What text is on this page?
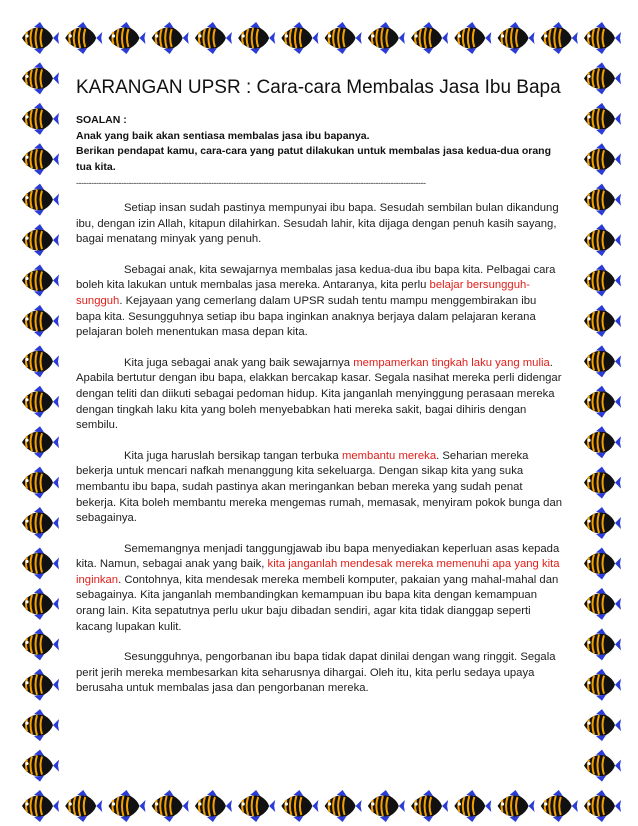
KARANGAN UPSR : Cara-cara Membalas Jasa Ibu Bapa
SOALAN :
Anak yang baik akan sentiasa membalas jasa ibu bapanya.
Berikan pendapat kamu, cara-cara yang patut dilakukan untuk membalas jasa kedua-dua orang tua kita.
--------------------------------------------------------------------------------------------------------------------------------------------

Setiap insan sudah pastinya mempunyai ibu bapa. Sesudah sembilan bulan dikandung ibu, dengan izin Allah, kitapun dilahirkan. Sesudah lahir, kita dijaga dengan penuh kasih sayang, bagai menatang minyak yang penuh.

Sebagai anak, kita sewajarnya membalas jasa kedua-dua ibu bapa kita. Pelbagai cara boleh kita lakukan untuk membalas jasa mereka. Antaranya, kita perlu belajar bersungguh-sungguh. Kejayaan yang cemerlang dalam UPSR sudah tentu mampu menggembirakan ibu bapa kita. Sesungguhnya setiap ibu bapa inginkan anaknya berjaya dalam pelajaran kerana pelajaran boleh menentukan masa depan kita.

Kita juga sebagai anak yang baik sewajarnya mempamerkan tingkah laku yang mulia. Apabila bertutur dengan ibu bapa, elakkan bercakap kasar. Segala nasihat mereka perli didengar dengan teliti dan diikuti sebagai pedoman hidup. Kita janganlah menyinggung perasaan mereka dengan tingkah laku kita yang boleh menyebabkan hati mereka sakit, bagai dihiris dengan sembilu.

Kita juga haruslah bersikap tangan terbuka membantu mereka. Seharian mereka bekerja untuk mencari nafkah menanggung kita sekeluarga. Dengan sikap kita yang suka membantu ibu bapa, sudah pastinya akan meringankan beban mereka yang sudah penat bekerja. Kita boleh membantu mereka mengemas rumah, memasak, menyiram pokok bunga dan sebagainya.

Sememangnya menjadi tanggungjawab ibu bapa menyediakan keperluan asas kepada kita. Namun, sebagai anak yang baik, kita janganlah mendesak mereka memenuhi apa yang kita inginkan. Contohnya, kita mendesak mereka membeli komputer, pakaian yang mahal-mahal dan sebagainya. Kita janganlah membandingkan kemampuan ibu bapa kita dengan kemampuan orang lain. Kita sepatutnya perlu ukur baju dibadan sendiri, agar kita tidak dianggap seperti kacang lupakan kulit.

Sesungguhnya, pengorbanan ibu bapa tidak dapat dinilai dengan wang ringgit. Segala perit jerih mereka membesarkan kita seharusnya dihargai. Oleh itu, kita perlu sedaya upaya berusaha untuk membalas jasa dan pengorbanan mereka.
